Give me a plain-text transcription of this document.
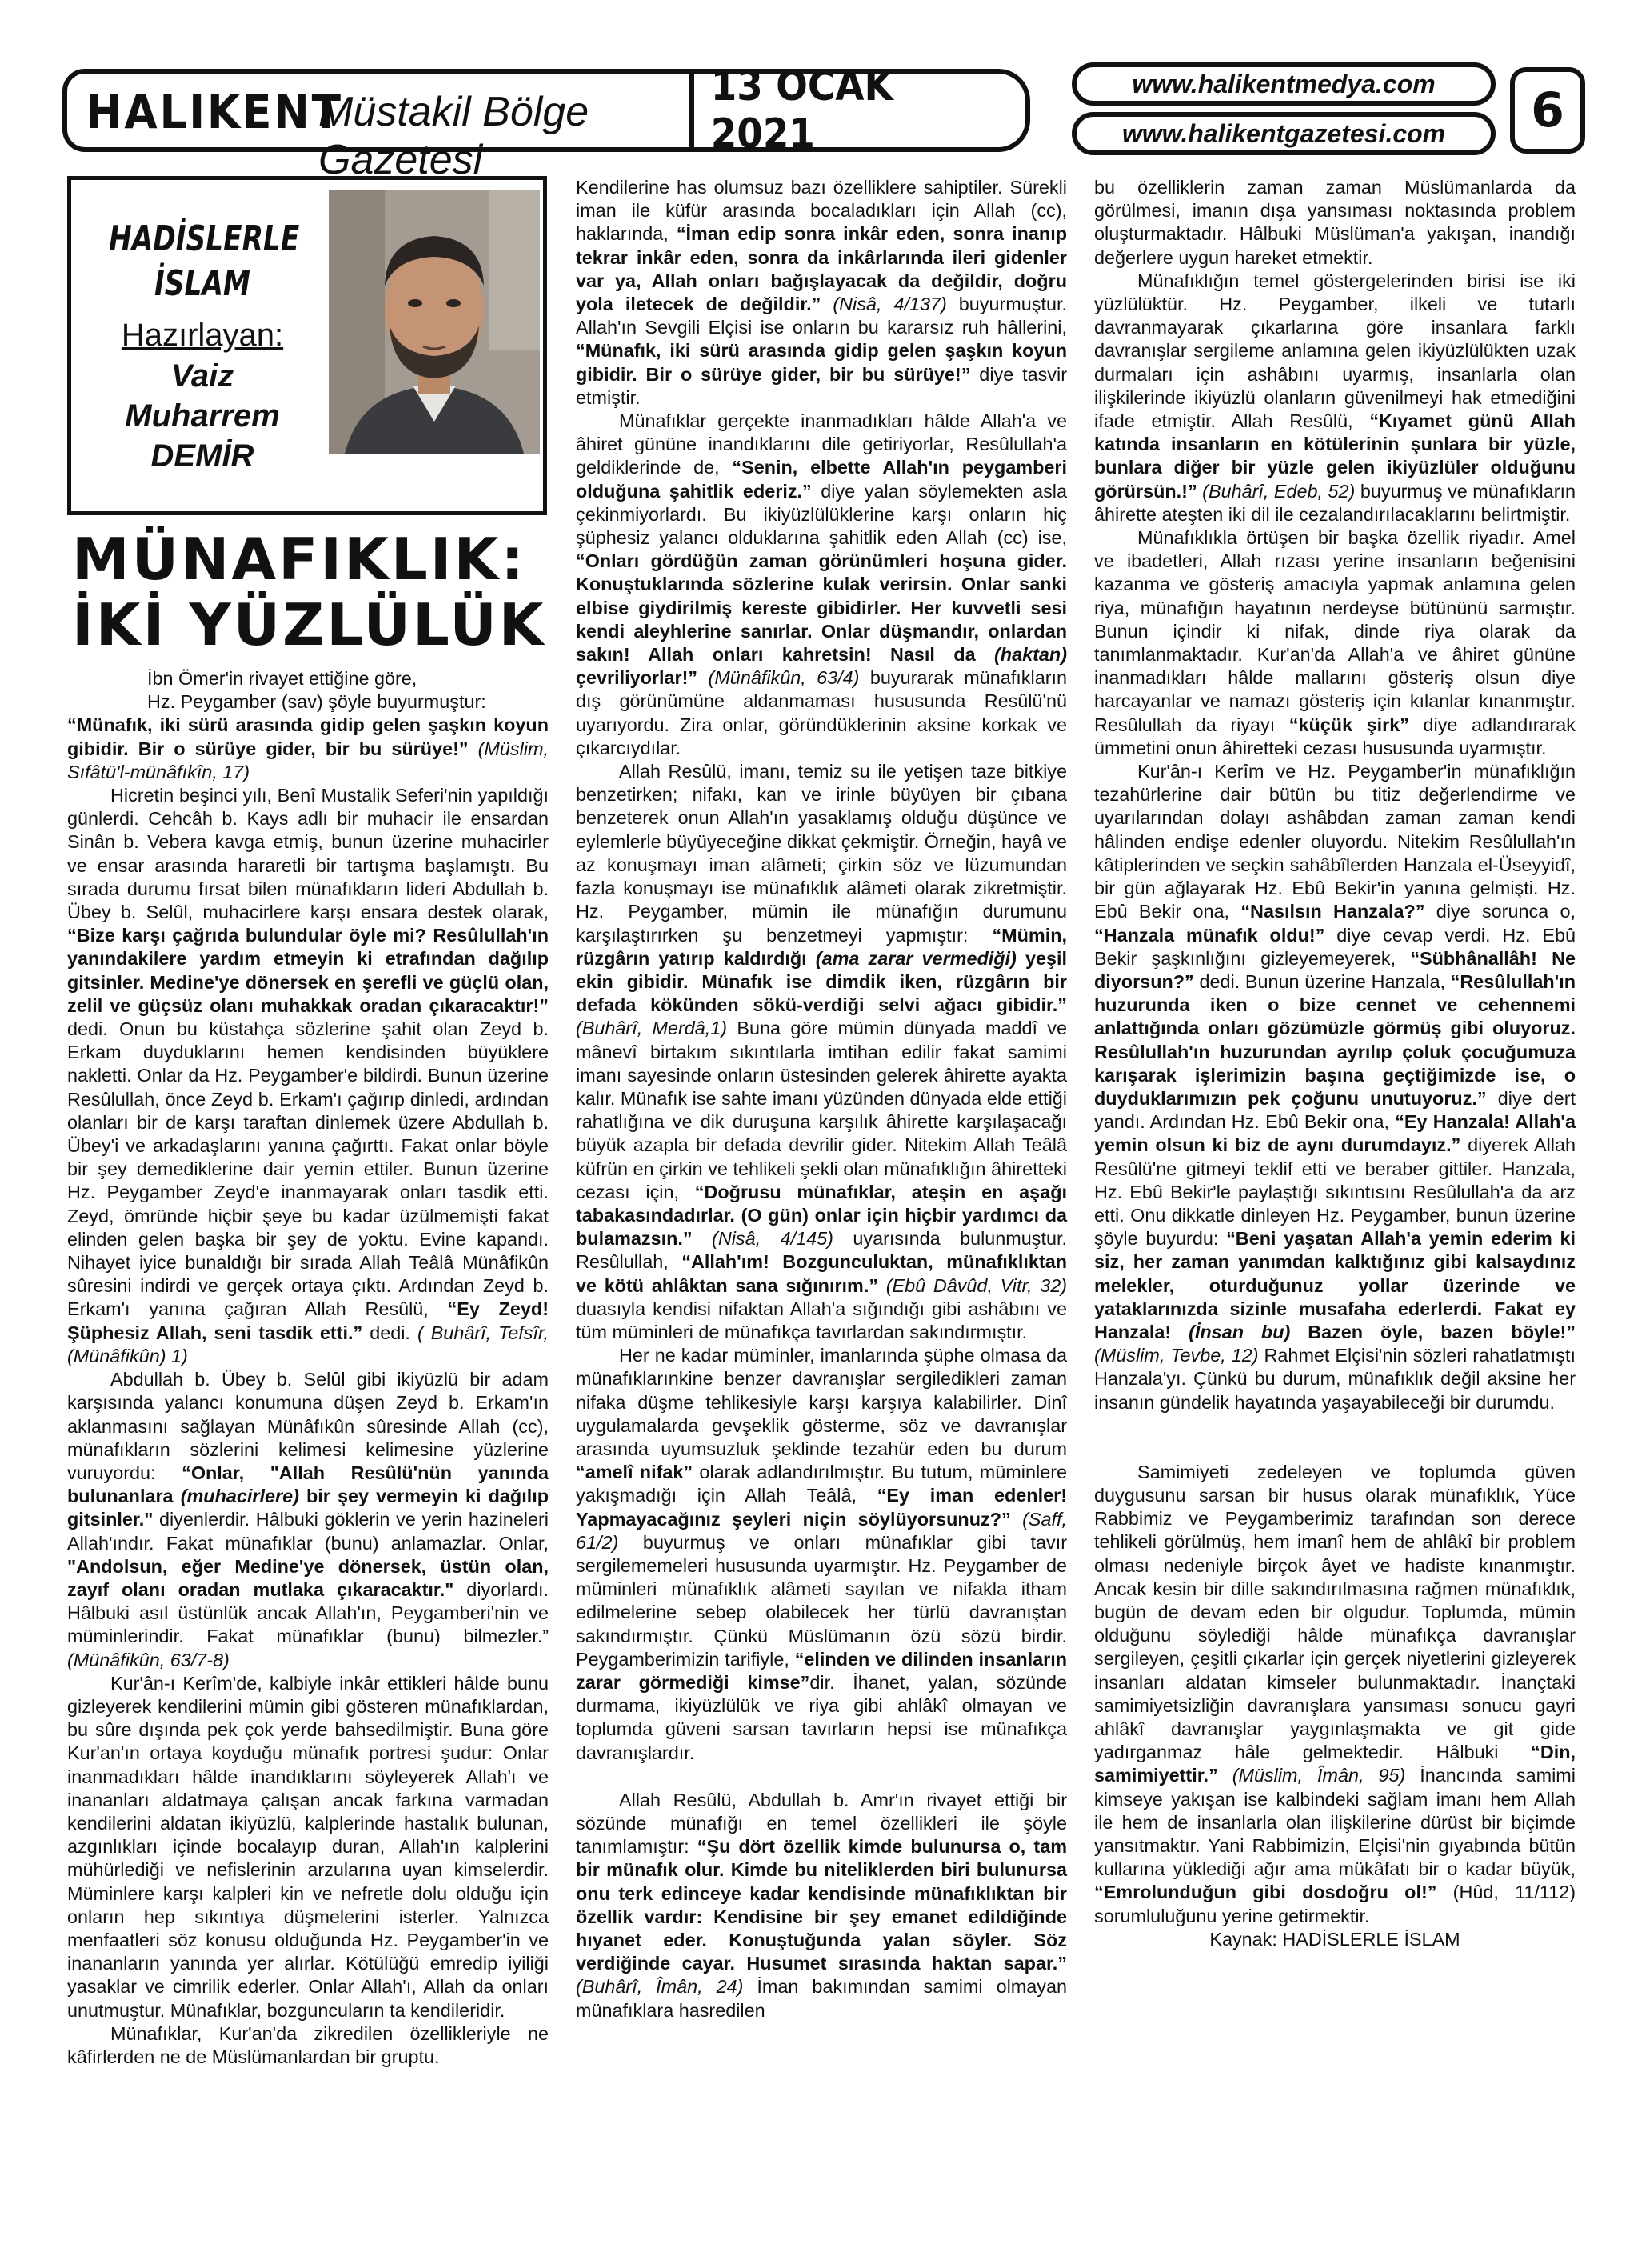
HALIKENT
Müstakil Bölge Gazetesi
13 OCAK 2021
www.halikentmedya.com
www.halikentgazetesi.com	6
HADİSLERLE
İSLAM
Hazırlayan:
Vaiz
Muharrem
DEMİR
MÜNAFIKLIK:
İKİ YÜZLÜLÜK

İbn Ömer'in rivayet ettiğine göre,

Hz. Peygamber (sav) şöyle buyurmuştur:

“Münafık, iki sürü arasında gidip gelen şaşkın koyun gibidir. Bir o sürüye gider, bir bu sürüye!” (Müslim, Sıfâtü'l-münâfıkîn, 17)

Hicretin beşinci yılı, Benî Mustalik Seferi'nin yapıldığı günlerdi. Cehcâh b. Kays adlı bir muhacir ile ensardan Sinân b. Vebera kavga etmiş, bunun üzerine muhacirler ve ensar arasında hararetli bir tartışma başlamıştı. Bu sırada durumu fırsat bilen münafıkların lideri Abdullah b. Übey b. Selûl, muhacirlere karşı ensara destek olarak, “Bize karşı çağrıda bulundular öyle mi? Resûlullah'ın yanındakilere yardım etmeyin ki etrafından dağılıp gitsinler. Medine'ye dönersek en şerefli ve güçlü olan, zelil ve güçsüz olanı muhakkak oradan çıkaracaktır!” dedi. Onun bu küstahça sözlerine şahit olan Zeyd b. Erkam duyduklarını hemen kendisinden büyüklere nakletti. Onlar da Hz. Peygamber'e bildirdi. Bunun üzerine Resûlullah, önce Zeyd b. Erkam'ı çağırıp dinledi, ardından olanları bir de karşı taraftan dinlemek üzere Abdullah b. Übey'i ve arkadaşlarını yanına çağırttı. Fakat onlar böyle bir şey demediklerine dair yemin ettiler. Bunun üzerine Hz. Peygamber Zeyd'e inanmayarak onları tasdik etti. Zeyd, ömründe hiçbir şeye bu kadar üzülmemişti fakat elinden gelen başka bir şey de yoktu. Evine kapandı. Nihayet iyice bunaldığı bir sırada Allah Teâlâ Münâfikûn sûresini indirdi ve gerçek ortaya çıktı. Ardından Zeyd b. Erkam'ı yanına çağıran Allah Resûlü, “Ey Zeyd! Şüphesiz Allah, seni tasdik etti.” dedi. ( Buhârî, Tefsîr, (Münâfikûn) 1)

Abdullah b. Übey b. Selûl gibi ikiyüzlü bir adam karşısında yalancı konumuna düşen Zeyd b. Erkam'ın aklanmasını sağlayan Münâfıkûn sûresinde Allah (cc), münafıkların sözlerini kelimesi kelimesine yüzlerine vuruyordu: “Onlar, "Allah Resûlü'nün yanında bulunanlara (muhacirlere) bir şey vermeyin ki dağılıp gitsinler." diyenlerdir. Hâlbuki göklerin ve yerin hazineleri Allah'ındır. Fakat münafıklar (bunu) anlamazlar. Onlar, "Andolsun, eğer Medine'ye dönersek, üstün olan, zayıf olanı oradan mutlaka çıkaracaktır." diyorlardı. Hâlbuki asıl üstünlük ancak Allah'ın, Peygamberi'nin ve müminlerindir. Fakat münafıklar (bunu) bilmezler.” (Münâfikûn, 63/7-8)

Kur'ân-ı Kerîm'de, kalbiyle inkâr ettikleri hâlde bunu gizleyerek kendilerini mümin gibi gösteren münafıklardan, bu sûre dışında pek çok yerde bahsedilmiştir. Buna göre Kur'an'ın ortaya koyduğu münafık portresi şudur: Onlar inanmadıkları hâlde inandıklarını söyleyerek Allah'ı ve inananları aldatmaya çalışan ancak farkına varmadan kendilerini aldatan ikiyüzlü, kalplerinde hastalık bulunan, azgınlıkları içinde bocalayıp duran, Allah'ın kalplerini mühürlediği ve nefislerinin arzularına uyan kimselerdir. Müminlere karşı kalpleri kin ve nefretle dolu olduğu için onların hep sıkıntıya düşmelerini isterler. Yalnızca menfaatleri söz konusu olduğunda Hz. Peygamber'in ve inananların yanında yer alırlar. Kötülüğü emredip iyiliği yasaklar ve cimrilik ederler. Onlar Allah'ı, Allah da onları unutmuştur. Münafıklar, bozguncuların ta kendileridir.

Münafıklar, Kur'an'da zikredilen özellikleriyle ne kâfirlerden ne de Müslümanlardan bir gruptu.

Kendilerine has olumsuz bazı özelliklere sahiptiler. Sürekli iman ile küfür arasında bocaladıkları için Allah (cc), haklarında, “İman edip sonra inkâr eden, sonra inanıp tekrar inkâr eden, sonra da inkârlarında ileri gidenler var ya, Allah onları bağışlayacak da değildir, doğru yola iletecek de değildir.” (Nisâ, 4/137) buyurmuştur. Allah'ın Sevgili Elçisi ise onların bu kararsız ruh hâllerini, “Münafık, iki sürü arasında gidip gelen şaşkın koyun gibidir. Bir o sürüye gider, bir bu sürüye!” diye tasvir etmiştir.

Münafıklar gerçekte inanmadıkları hâlde Allah'a ve âhiret gününe inandıklarını dile getiriyorlar, Resûlullah'a geldiklerinde de, “Senin, elbette Allah'ın peygamberi olduğuna şahitlik ederiz.” diye yalan söylemekten asla çekinmiyorlardı. Bu ikiyüzlülüklerine karşı onların hiç şüphesiz yalancı olduklarına şahitlik eden Allah (cc) ise, “Onları gördüğün zaman görünümleri hoşuna gider. Konuştuklarında sözlerine kulak verirsin. Onlar sanki elbise giydirilmiş kereste gibidirler. Her kuvvetli sesi kendi aleyhlerine sanırlar. Onlar düşmandır, onlardan sakın! Allah onları kahretsin! Nasıl da (haktan) çevriliyorlar!” (Münâfikûn, 63/4) buyurarak münafıkların dış görünümüne aldanmaması hususunda Resûlü'nü uyarıyordu. Zira onlar, göründüklerinin aksine korkak ve çıkarcıydılar.

Allah Resûlü, imanı, temiz su ile yetişen taze bitkiye benzetirken; nifakı, kan ve irinle büyüyen bir çıbana benzeterek onun Allah'ın yasaklamış olduğu düşünce ve eylemlerle büyüyeceğine dikkat çekmiştir. Örneğin, hayâ ve az konuşmayı iman alâmeti; çirkin söz ve lüzumundan fazla konuşmayı ise münafıklık alâmeti olarak zikretmiştir. Hz. Peygamber, mümin ile münafığın durumunu karşılaştırırken şu benzetmeyi yapmıştır: “Mümin, rüzgârın yatırıp kaldırdığı (ama zarar vermediği) yeşil ekin gibidir. Münafık ise dimdik iken, rüzgârın bir defada kökünden sökü-verdiği selvi ağacı gibidir.” (Buhârî, Merdâ,1) Buna göre mümin dünyada maddî ve mânevî birtakım sıkıntılarla imtihan edilir fakat samimi imanı sayesinde onların üstesinden gelerek âhirette ayakta kalır. Münafık ise sahte imanı yüzünden dünyada elde ettiği rahatlığına ve dik duruşuna karşılık âhirette karşılaşacağı büyük azapla bir defada devrilir gider. Nitekim Allah Teâlâ küfrün en çirkin ve tehlikeli şekli olan münafıklığın âhiretteki cezası için, “Doğrusu münafıklar, ateşin en aşağı tabakasındadırlar. (O gün) onlar için hiçbir yardımcı da bulamazsın.” (Nisâ, 4/145) uyarısında bulunmuştur. Resûlullah, “Allah'ım! Bozgunculuktan, münafıklıktan ve kötü ahlâktan sana sığınırım.” (Ebû Dâvûd, Vitr, 32) duasıyla kendisi nifaktan Allah'a sığındığı gibi ashâbını ve tüm müminleri de münafıkça tavırlardan sakındırmıştır.

Her ne kadar müminler, imanlarında şüphe olmasa da münafıklarınkine benzer davranışlar sergiledikleri zaman nifaka düşme tehlikesiyle karşı karşıya kalabilirler. Dinî uygulamalarda gevşeklik gösterme, söz ve davranışlar arasında uyumsuzluk şeklinde tezahür eden bu durum “amelî nifak” olarak adlandırılmıştır. Bu tutum, müminlere yakışmadığı için Allah Teâlâ, “Ey iman edenler! Yapmayacağınız şeyleri niçin söylüyorsunuz?” (Saff, 61/2) buyurmuş ve onları münafıklar gibi tavır sergilememeleri hususunda uyarmıştır. Hz. Peygamber de müminleri münafıklık alâmeti sayılan ve nifakla itham edilmelerine sebep olabilecek her türlü davranıştan sakındırmıştır. Çünkü Müslümanın özü sözü birdir. Peygamberimizin tarifiyle, “elinden ve dilinden insanların zarar görmediği kimse”dir. İhanet, yalan, sözünde durmama, ikiyüzlülük ve riya gibi ahlâkî olmayan ve toplumda güveni sarsan tavırların hepsi ise münafıkça davranışlardır.

Allah Resûlü, Abdullah b. Amr'ın rivayet ettiği bir sözünde münafığı en temel özellikleri ile şöyle tanımlamıştır: “Şu dört özellik kimde bulunursa o, tam bir münafık olur. Kimde bu niteliklerden biri bulunursa onu terk edinceye kadar kendisinde münafıklıktan bir özellik vardır: Kendisine bir şey emanet edildiğinde hıyanet eder. Konuştuğunda yalan söyler. Söz verdiğinde cayar. Husumet sırasında haktan sapar.” (Buhârî, Îmân, 24) İman bakımından samimi olmayan münafıklara hasredilen

bu özelliklerin zaman zaman Müslümanlarda da görülmesi, imanın dışa yansıması noktasında problem oluşturmaktadır. Hâlbuki Müslüman'a yakışan, inandığı değerlere uygun hareket etmektir.

Münafıklığın temel göstergelerinden birisi ise iki yüzlülüktür. Hz. Peygamber, ilkeli ve tutarlı davranmayarak çıkarlarına göre insanlara farklı davranışlar sergileme anlamına gelen ikiyüzlülükten uzak durmaları için ashâbını uyarmış, insanlarla olan ilişkilerinde ikiyüzlü olanların güvenilmeyi hak etmediğini ifade etmiştir. Allah Resûlü, “Kıyamet günü Allah katında insanların en kötülerinin şunlara bir yüzle, bunlara diğer bir yüzle gelen ikiyüzlüler olduğunu görürsün.!” (Buhârî, Edeb, 52) buyurmuş ve münafıkların âhirette ateşten iki dil ile cezalandırılacaklarını belirtmiştir.

Münafıklıkla örtüşen bir başka özellik riyadır. Amel ve ibadetleri, Allah rızası yerine insanların beğenisini kazanma ve gösteriş amacıyla yapmak anlamına gelen riya, münafığın hayatının nerdeyse bütününü sarmıştır. Bunun içindir ki nifak, dinde riya olarak da tanımlanmaktadır. Kur'an'da Allah'a ve âhiret gününe inanmadıkları hâlde mallarını gösteriş olsun diye harcayanlar ve namazı gösteriş için kılanlar kınanmıştır. Resûlullah da riyayı “küçük şirk” diye adlandırarak ümmetini onun âhiretteki cezası hususunda uyarmıştır.

Kur'ân-ı Kerîm ve Hz. Peygamber'in münafıklığın tezahürlerine dair bütün bu titiz değerlendirme ve uyarılarından dolayı ashâbdan zaman zaman kendi hâlinden endişe edenler oluyordu. Nitekim Resûlullah'ın kâtiplerinden ve seçkin sahâbîlerden Hanzala el-Üseyyidî, bir gün ağlayarak Hz. Ebû Bekir'in yanına gelmişti. Hz. Ebû Bekir ona, “Nasılsın Hanzala?” diye sorunca o, “Hanzala münafık oldu!” diye cevap verdi. Hz. Ebû Bekir şaşkınlığını gizleyemeyerek, “Sübhânallâh! Ne diyorsun?” dedi. Bunun üzerine Hanzala, “Resûlullah'ın huzurunda iken o bize cennet ve cehennemi anlattığında onları gözümüzle görmüş gibi oluyoruz. Resûlullah'ın huzurundan ayrılıp çoluk çocuğumuza karışarak işlerimizin başına geçtiğimizde ise, o duyduklarımızın pek çoğunu unutuyoruz.” diye dert yandı. Ardından Hz. Ebû Bekir ona, “Ey Hanzala! Allah'a yemin olsun ki biz de aynı durumdayız.” diyerek Allah Resûlü'ne gitmeyi teklif etti ve beraber gittiler. Hanzala, Hz. Ebû Bekir'le paylaştığı sıkıntısını Resûlullah'a da arz etti. Onu dikkatle dinleyen Hz. Peygamber, bunun üzerine şöyle buyurdu: “Beni yaşatan Allah'a yemin ederim ki siz, her zaman yanımdan kalktığınız gibi kalsaydınız melekler, oturduğunuz yollar üzerinde ve yataklarınızda sizinle musafaha ederlerdi. Fakat ey Hanzala! (İnsan bu) Bazen öyle, bazen böyle!” (Müslim, Tevbe, 12) Rahmet Elçisi'nin sözleri rahatlatmıştı Hanzala'yı. Çünkü bu durum, münafıklık değil aksine her insanın gündelik hayatında yaşayabileceği bir durumdu.

Samimiyeti zedeleyen ve toplumda güven duygusunu sarsan bir husus olarak münafıklık, Yüce Rabbimiz ve Peygamberimiz tarafından son derece tehlikeli görülmüş, hem imanî hem de ahlâkî bir problem olması nedeniyle birçok âyet ve hadiste kınanmıştır. Ancak kesin bir dille sakındırılmasına rağmen münafıklık, bugün de devam eden bir olgudur. Toplumda, mümin olduğunu söylediği hâlde münafıkça davranışlar sergileyen, çeşitli çıkarlar için gerçek niyetlerini gizleyerek insanları aldatan kimseler bulunmaktadır. İnançtaki samimiyetsizliğin davranışlara yansıması sonucu gayri ahlâkî davranışlar yaygınlaşmakta ve git gide yadırganmaz hâle gelmektedir. Hâlbuki “Din, samimiyettir.” (Müslim, Îmân, 95) İnancında samimi kimseye yakışan ise kalbindeki sağlam imanı hem Allah ile hem de insanlarla olan ilişkilerine dürüst bir biçimde yansıtmaktır. Yani Rabbimizin, Elçisi'nin gıyabında bütün kullarına yüklediği ağır ama mükâfatı bir o kadar büyük, “Emrolunduğun gibi dosdoğru ol!” (Hûd, 11/112) sorumluluğunu yerine getirmektir.

Kaynak: HADİSLERLE İSLAM
